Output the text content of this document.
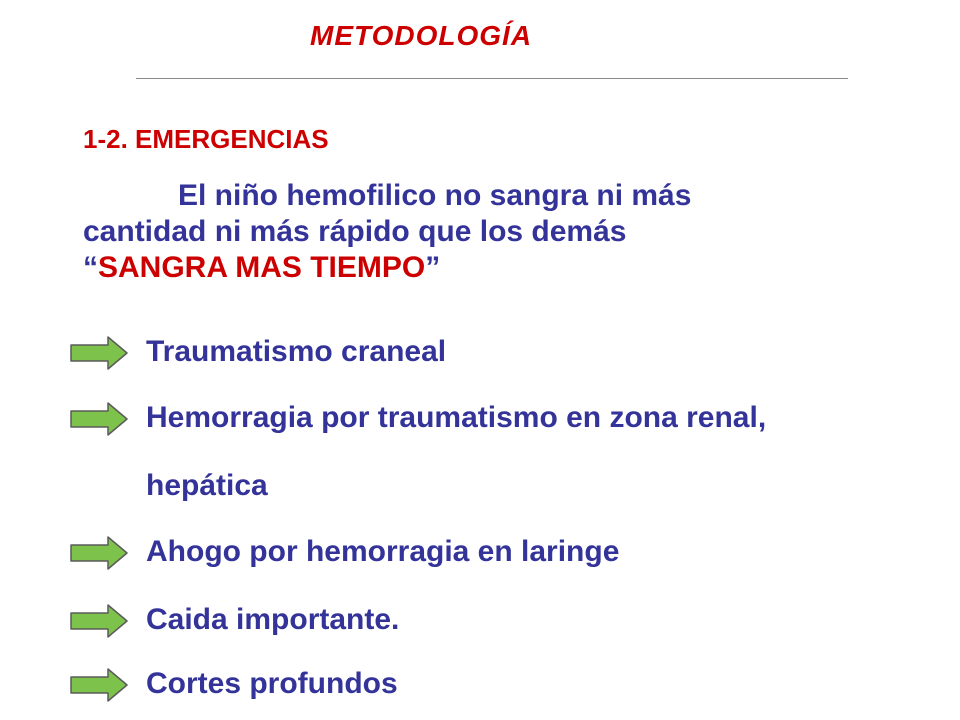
METODOLOGÍA
1-2. EMERGENCIAS
El niño hemofilico no sangra ni más
cantidad ni más rápido que los demás
“SANGRA MAS TIEMPO”
Traumatismo craneal
Hemorragia por traumatismo en zona renal,
hepática
Ahogo por hemorragia en laringe
Caida importante.
Cortes profundos
